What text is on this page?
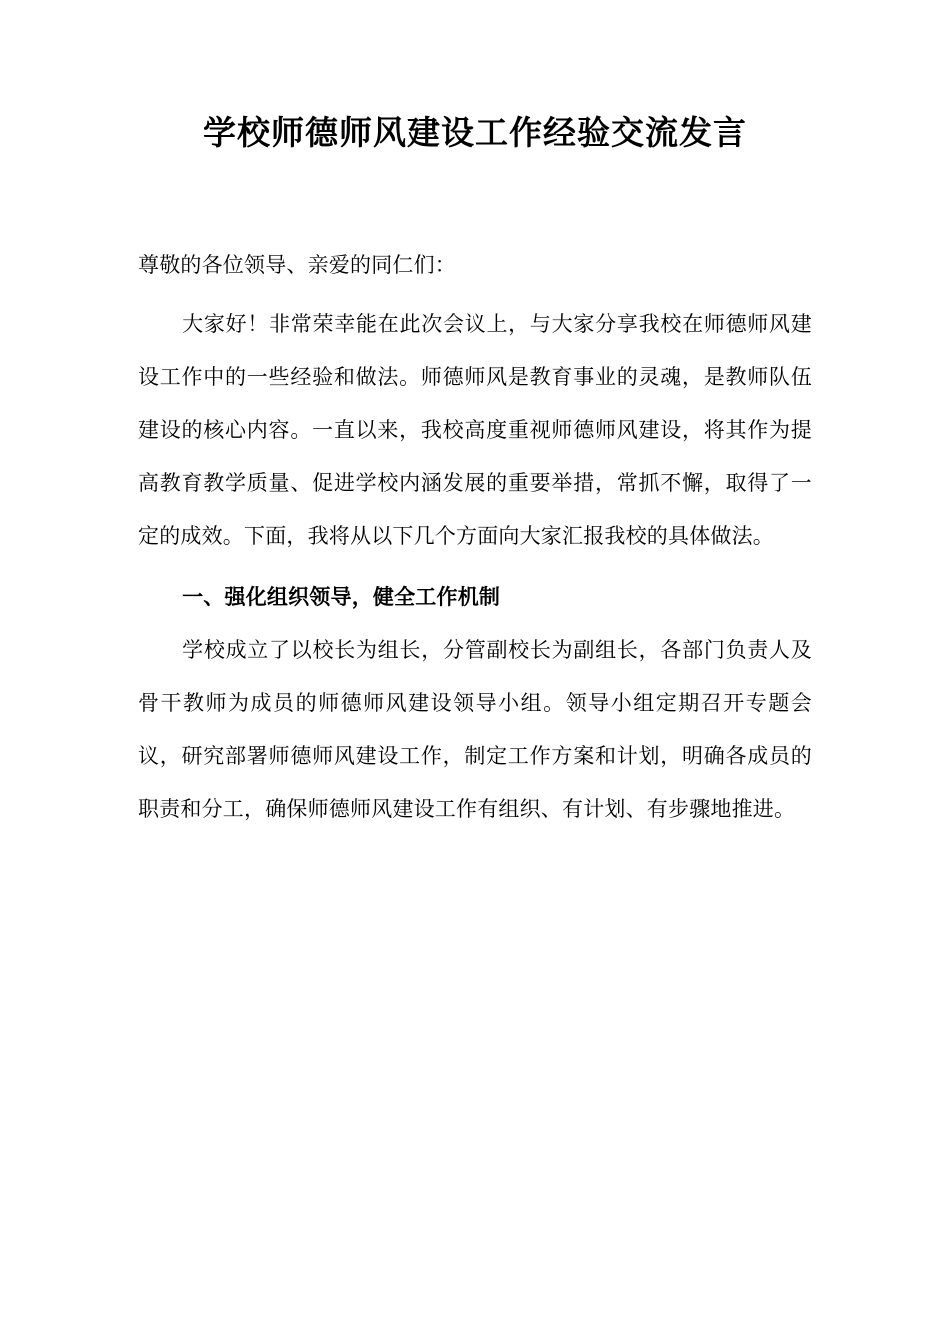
学校师德师风建设工作经验交流发言

尊敬的各位领导、亲爱的同仁们：

大家好！非常荣幸能在此次会议上，与大家分享我校在师德师风建设工作中的一些经验和做法。师德师风是教育事业的灵魂，是教师队伍建设的核心内容。一直以来，我校高度重视师德师风建设，将其作为提高教育教学质量、促进学校内涵发展的重要举措，常抓不懈，取得了一定的成效。下面，我将从以下几个方面向大家汇报我校的具体做法。

一、强化组织领导，健全工作机制

学校成立了以校长为组长，分管副校长为副组长，各部门负责人及骨干教师为成员的师德师风建设领导小组。领导小组定期召开专题会议，研究部署师德师风建设工作，制定工作方案和计划，明确各成员的职责和分工，确保师德师风建设工作有组织、有计划、有步骤地推进。
